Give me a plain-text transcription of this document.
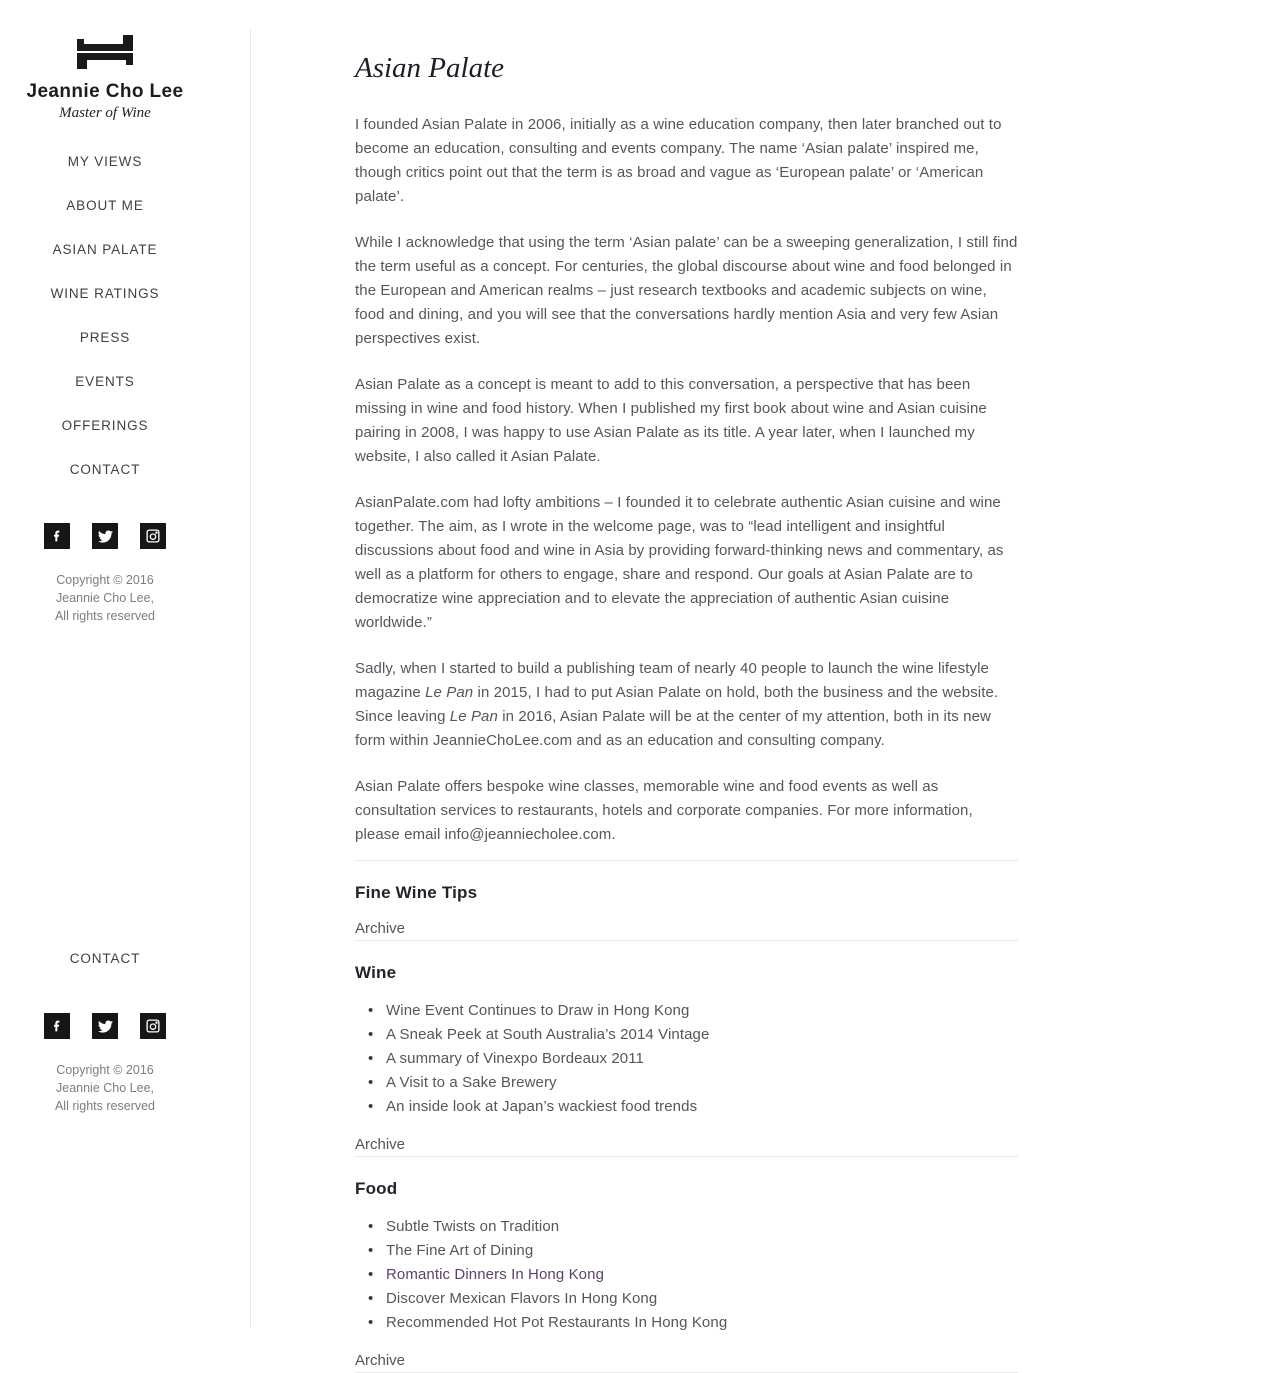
Jeannie Cho Lee
Master of Wine
MY VIEWS
ABOUT ME
ASIAN PALATE
WINE RATINGS
PRESS
EVENTS
OFFERINGS
CONTACT
Copyright © 2016
Jeannie Cho Lee,
All rights reserved
CONTACT
Copyright © 2016
Jeannie Cho Lee,
All rights reserved
Asian Palate

I founded Asian Palate in 2006, initially as a wine education company, then later branched out to become an education, consulting and events company. The name ‘Asian palate’ inspired me, though critics point out that the term is as broad and vague as ‘European palate’ or ‘American palate’.

While I acknowledge that using the term ‘Asian palate’ can be a sweeping generalization, I still find the term useful as a concept. For centuries, the global discourse about wine and food belonged in the European and American realms – just research textbooks and academic subjects on wine, food and dining, and you will see that the conversations hardly mention Asia and very few Asian perspectives exist.

Asian Palate as a concept is meant to add to this conversation, a perspective that has been missing in wine and food history. When I published my first book about wine and Asian cuisine pairing in 2008, I was happy to use Asian Palate as its title. A year later, when I launched my website, I also called it Asian Palate.

AsianPalate.com had lofty ambitions – I founded it to celebrate authentic Asian cuisine and wine together. The aim, as I wrote in the welcome page, was to “lead intelligent and insightful discussions about food and wine in Asia by providing forward-thinking news and commentary, as well as a platform for others to engage, share and respond. Our goals at Asian Palate are to democratize wine appreciation and to elevate the appreciation of authentic Asian cuisine worldwide.”

Sadly, when I started to build a publishing team of nearly 40 people to launch the wine lifestyle magazine Le Pan in 2015, I had to put Asian Palate on hold, both the business and the website. Since leaving Le Pan in 2016, Asian Palate will be at the center of my attention, both in its new form within JeannieChoLee.com and as an education and consulting company.

Asian Palate offers bespoke wine classes, memorable wine and food events as well as consultation services to restaurants, hotels and corporate companies. For more information, please email info@jeanniecholee.com.

Fine Wine Tips
Archive
Wine
• Wine Event Continues to Draw in Hong Kong
• A Sneak Peek at South Australia’s 2014 Vintage
• A summary of Vinexpo Bordeaux 2011
• A Visit to a Sake Brewery
• An inside look at Japan’s wackiest food trends
Archive
Food
• Subtle Twists on Tradition
• The Fine Art of Dining
• Romantic Dinners In Hong Kong
• Discover Mexican Flavors In Hong Kong
• Recommended Hot Pot Restaurants In Hong Kong
Archive
